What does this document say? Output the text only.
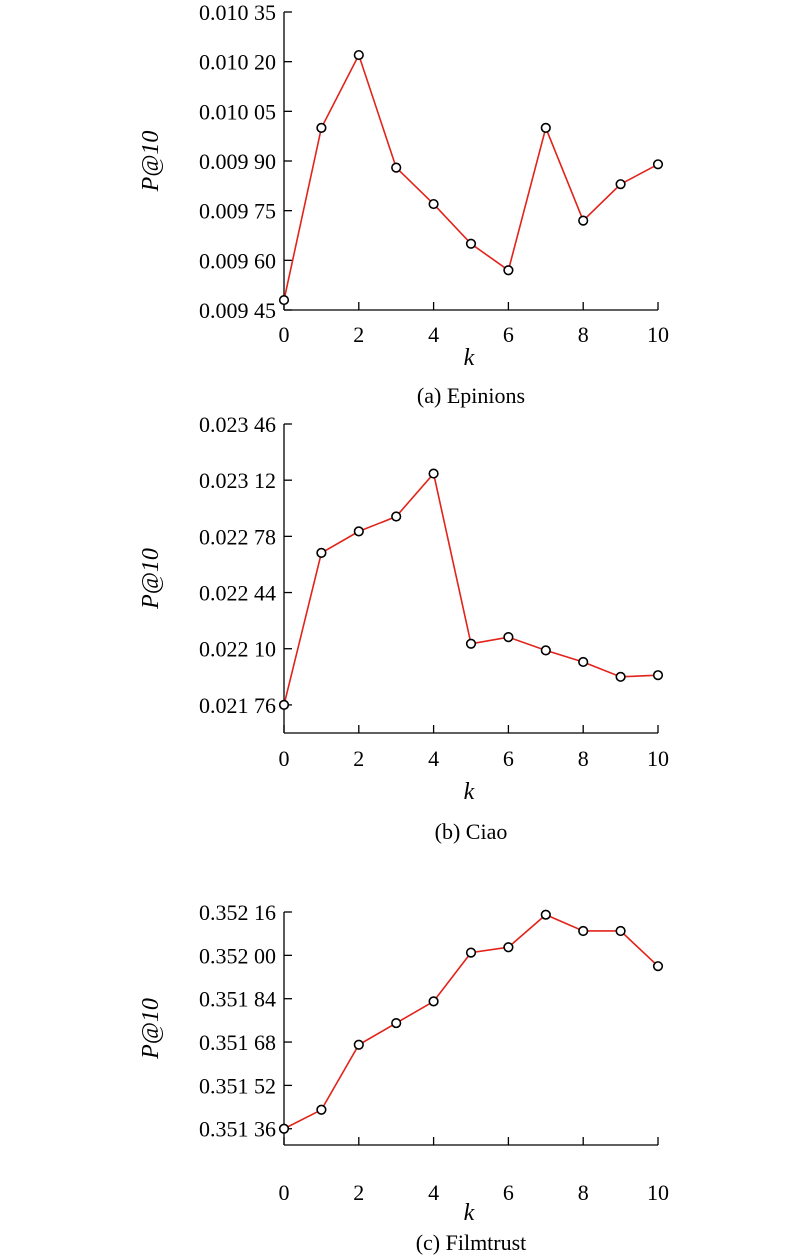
0.009 45
0.009 60
0.009 75
0.009 90
0.010 05
0.010 20
0.010 35
0	2	4	6	8	10
k
P@10
(a) Epinions
0.021 76
0.022 10
0.022 44
0.022 78
0.023 12
0.023 46
0	2	4	6	8	10
k
P@10
(b) Ciao
0.351 36
0.351 52
0.351 68
0.351 84
0.352 00
0.352 16
0	2	4	6	8	10
k
P@10
(c) Filmtrust
